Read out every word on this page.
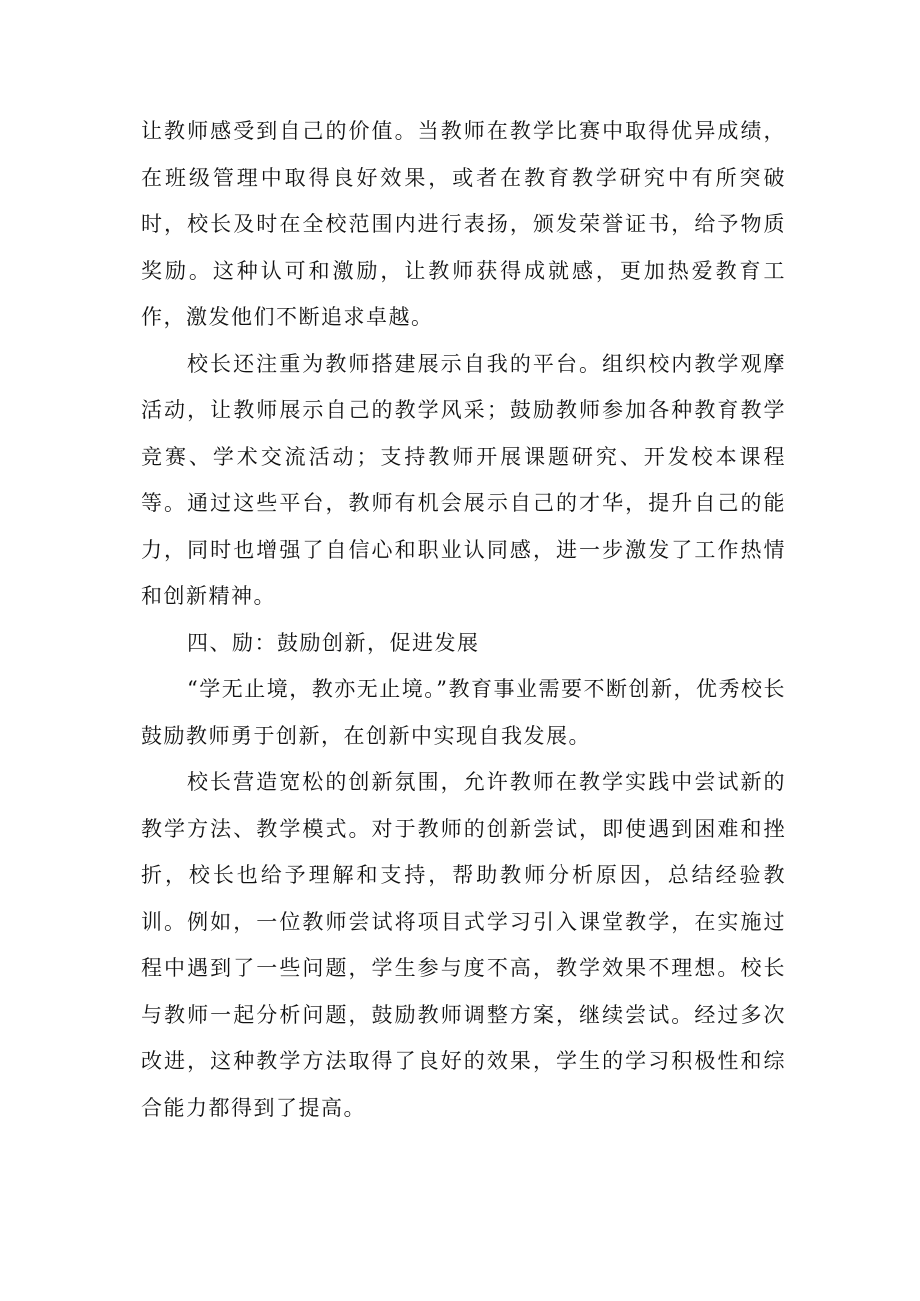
让教师感受到自己的价值。当教师在教学比赛中取得优异成绩，在班级管理中取得良好效果，或者在教育教学研究中有所突破时，校长及时在全校范围内进行表扬，颁发荣誉证书，给予物质奖励。这种认可和激励，让教师获得成就感，更加热爱教育工作，激发他们不断追求卓越。

校长还注重为教师搭建展示自我的平台。组织校内教学观摩活动，让教师展示自己的教学风采；鼓励教师参加各种教育教学竞赛、学术交流活动；支持教师开展课题研究、开发校本课程等。通过这些平台，教师有机会展示自己的才华，提升自己的能力，同时也增强了自信心和职业认同感，进一步激发了工作热情和创新精神。

四、励：鼓励创新，促进发展

“学无止境，教亦无止境。”教育事业需要不断创新，优秀校长鼓励教师勇于创新，在创新中实现自我发展。

校长营造宽松的创新氛围，允许教师在教学实践中尝试新的教学方法、教学模式。对于教师的创新尝试，即使遇到困难和挫折，校长也给予理解和支持，帮助教师分析原因，总结经验教训。例如，一位教师尝试将项目式学习引入课堂教学，在实施过程中遇到了一些问题，学生参与度不高，教学效果不理想。校长与教师一起分析问题，鼓励教师调整方案，继续尝试。经过多次改进，这种教学方法取得了良好的效果，学生的学习积极性和综合能力都得到了提高。
